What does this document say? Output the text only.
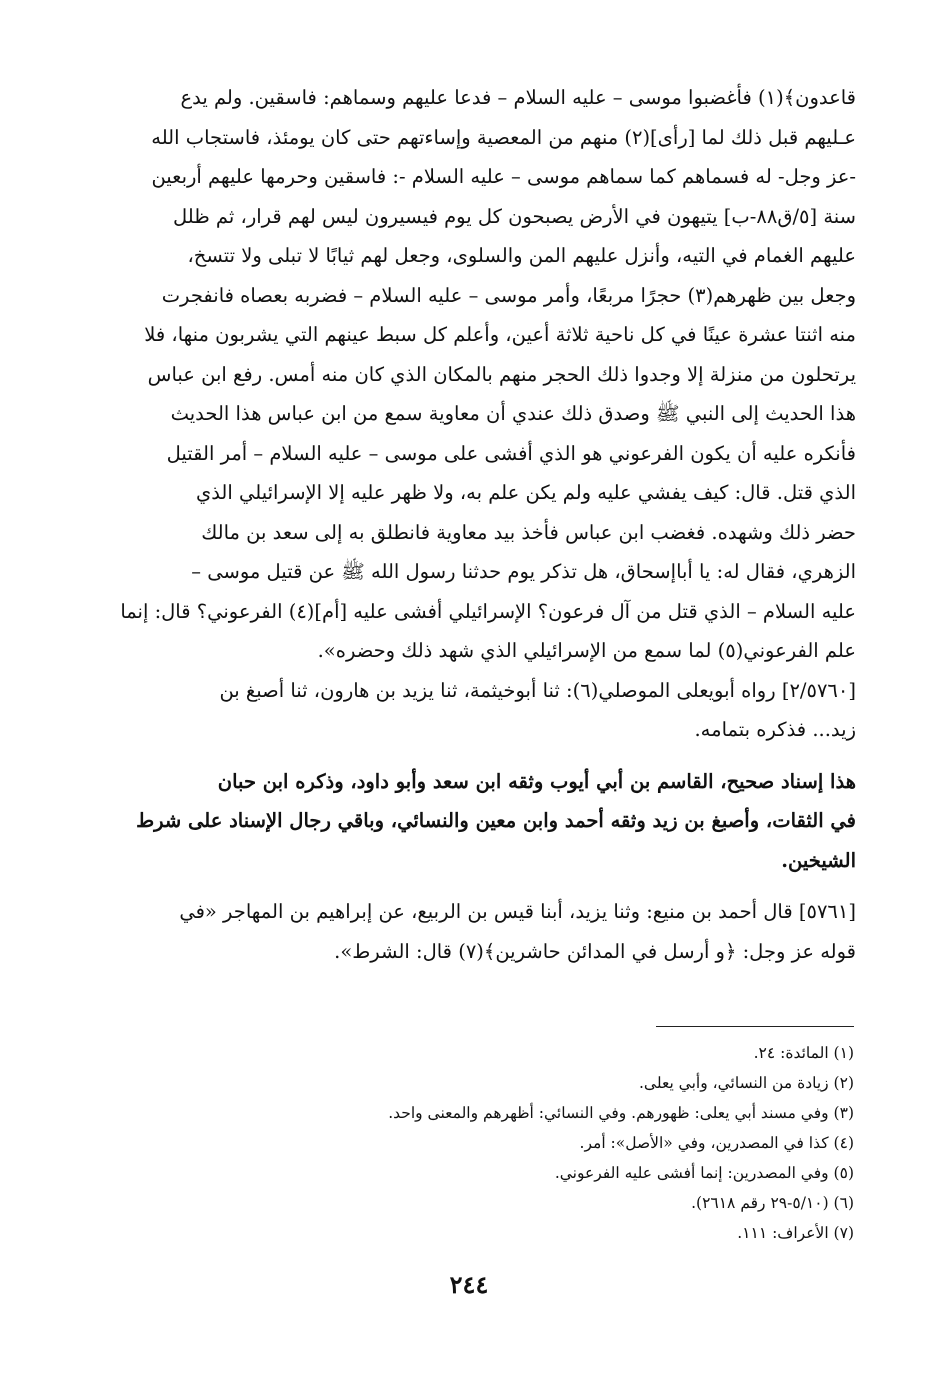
قاعدون﴾(١) فأغضبوا موسى – عليه السلام – فدعا عليهم وسماهم: فاسقين. ولم يدع

عـليهم قبل ذلك لما [رأى](٢) منهم من المعصية وإساءتهم حتى كان يومئذ، فاستجاب الله

-عز وجل- له فسماهم كما سماهم موسى – عليه السلام -: فاسقين وحرمها عليهم أربعين

سنة [٥/ق٨٨-ب] يتيهون في الأرض يصبحون كل يوم فيسيرون ليس لهم قرار، ثم ظلل

عليهم الغمام في التيه، وأنزل عليهم المن والسلوى، وجعل لهم ثيابًا لا تبلى ولا تتسخ،

وجعل بين ظهرهم(٣) حجرًا مربعًا، وأمر موسى – عليه السلام – فضربه بعصاه فانفجرت

منه اثنتا عشرة عينًا في كل ناحية ثلاثة أعين، وأعلم كل سبط عينهم التي يشربون منها، فلا

يرتحلون من منزلة إلا وجدوا ذلك الحجر منهم بالمكان الذي كان منه أمس. رفع ابن عباس

هذا الحديث إلى النبي ﷺ وصدق ذلك عندي أن معاوية سمع من ابن عباس هذا الحديث

فأنكره عليه أن يكون الفرعوني هو الذي أفشى على موسى – عليه السلام – أمر القتيل

الذي قتل. قال: كيف يفشي عليه ولم يكن علم به، ولا ظهر عليه إلا الإسرائيلي الذي

حضر ذلك وشهده. فغضب ابن عباس فأخذ بيد معاوية فانطلق به إلى سعد بن مالك

الزهري، فقال له: يا أباإسحاق، هل تذكر يوم حدثنا رسول الله ﷺ عن قتيل موسى –

عليه السلام – الذي قتل من آل فرعون؟ الإسرائيلي أفشى عليه [أم](٤) الفرعوني؟ قال: إنما

علم الفرعوني(٥) لما سمع من الإسرائيلي الذي شهد ذلك وحضره».

[٢/٥٧٦٠] رواه أبويعلى الموصلي(٦): ثنا أبوخيثمة، ثنا يزيد بن هارون، ثنا أصبغ بن

زيد... فذكره بتمامه.

هذا إسناد صحيح، القاسم بن أبي أيوب وثقه ابن سعد وأبو داود، وذكره ابن حبان

في الثقات، وأصبغ بن زيد وثقه أحمد وابن معين والنسائي، وباقي رجال الإسناد على شرط

الشيخين.

[٥٧٦١] قال أحمد بن منيع: وثنا يزيد، أبنا قيس بن الربيع، عن إبراهيم بن المهاجر «في

قوله عز وجل: ﴿و أرسل في المدائن حاشرين﴾(٧) قال: الشرط».

(١) المائدة: ٢٤.

(٢) زيادة من النسائي، وأبي يعلى.

(٣) وفي مسند أبي يعلى: ظهورهم. وفي النسائي: أظهرهم والمعنى واحد.

(٤) كذا في المصدرين، وفي «الأصل»: أمر.

(٥) وفي المصدرين: إنما أفشى عليه الفرعوني.

(٦) (٥/١٠-٢٩ رقم ٢٦١٨).

(٧) الأعراف: ١١١.

٢٤٤
